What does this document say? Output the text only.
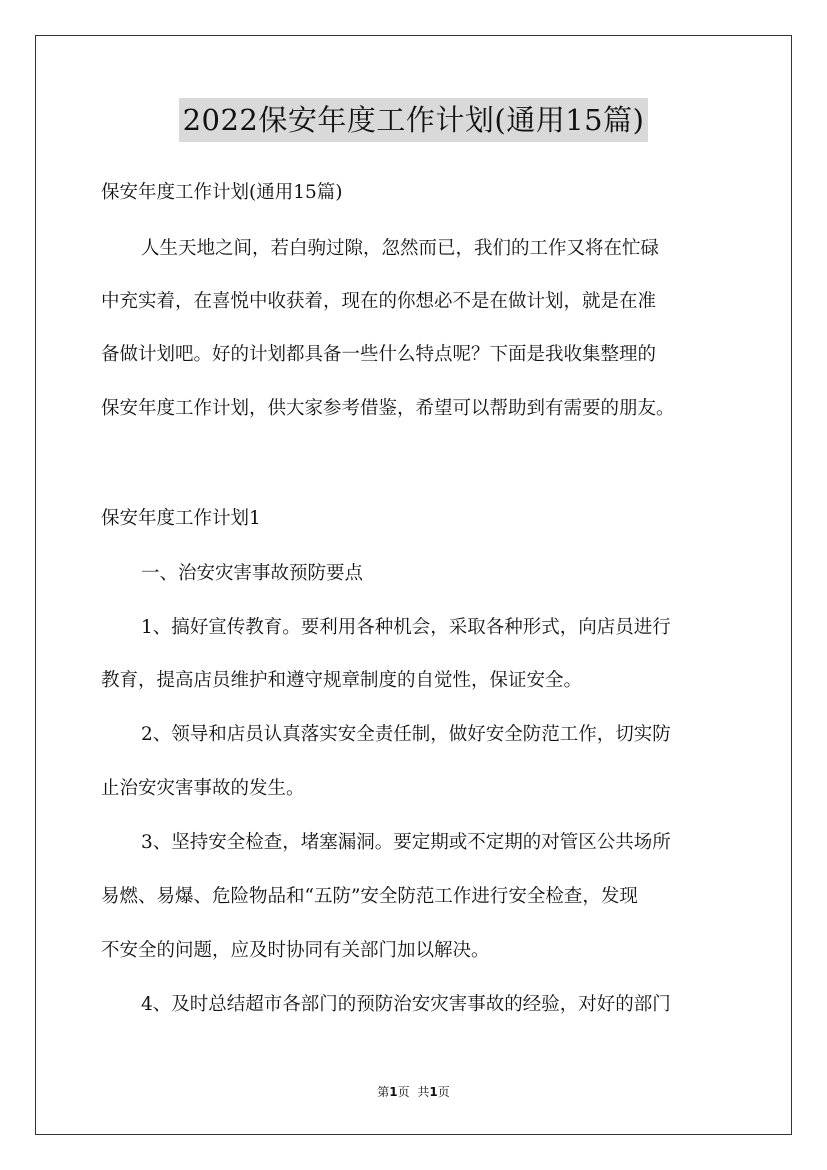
2022保安年度工作计划(通用15篇)
保安年度工作计划(通用15篇)
人生天地之间，若白驹过隙，忽然而已，我们的工作又将在忙碌
中充实着，在喜悦中收获着，现在的你想必不是在做计划，就是在准
备做计划吧。好的计划都具备一些什么特点呢？下面是我收集整理的
保安年度工作计划，供大家参考借鉴，希望可以帮助到有需要的朋友。
保安年度工作计划1
一、治安灾害事故预防要点
1、搞好宣传教育。要利用各种机会，采取各种形式，向店员进行
教育，提高店员维护和遵守规章制度的自觉性，保证安全。
2、领导和店员认真落实安全责任制，做好安全防范工作，切实防
止治安灾害事故的发生。
3、坚持安全检查，堵塞漏洞。要定期或不定期的对管区公共场所
易燃、易爆、危险物品和“五防”安全防范工作进行安全检查，发现
不安全的问题，应及时协同有关部门加以解决。
4、及时总结超市各部门的预防治安灾害事故的经验，对好的部门
第1页 共1页
